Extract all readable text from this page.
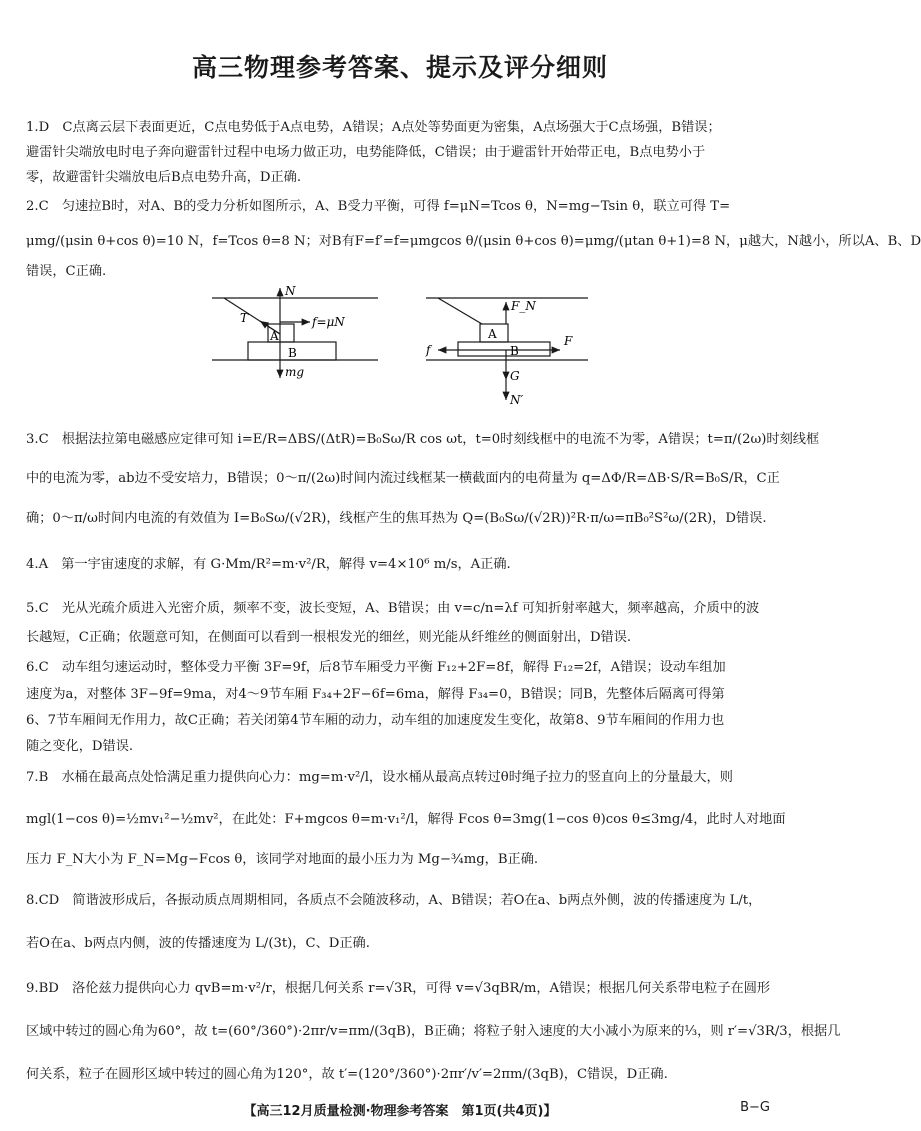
高三物理参考答案、提示及评分细则
1.D　C点离云层下表面更近，C点电势低于A点电势，A错误；A点处等势面更为密集，A点场强大于C点场强，B错误；
避雷针尖端放电时电子奔向避雷针过程中电场力做正功，电势能降低，C错误；由于避雷针开始带正电，B点电势小于
零，故避雷针尖端放电后B点电势升高，D正确.
2.C　匀速拉B时，对A、B的受力分析如图所示，A、B受力平衡，可得 f=μN=Tcos θ，N=mg−Tsin θ，联立可得 T=
μmg/(μsin θ+cos θ)=10 N，f=Tcos θ=8 N；对B有F=f′=f=μmgcos θ/(μsin θ+cos θ)=μmg/(μtan θ+1)=8 N，μ越大，N越小，所以A、B、D
错误，C正确.
3.C　根据法拉第电磁感应定律可知 i=E/R=ΔBS/(ΔtR)=B₀Sω/R cos ωt，t=0时刻线框中的电流不为零，A错误；t=π/(2ω)时刻线框
中的电流为零，ab边不受安培力，B错误；0～π/(2ω)时间内流过线框某一横截面内的电荷量为 q=ΔΦ/R=ΔB·S/R=B₀S/R，C正
确；0～π/ω时间内电流的有效值为 I=B₀Sω/(√2R)，线框产生的焦耳热为 Q=(B₀Sω/(√2R))²R·π/ω=πB₀²S²ω/(2R)，D错误.
4.A　第一宇宙速度的求解，有 G·Mm/R²=m·v²/R，解得 v=4×10⁶ m/s，A正确.
5.C　光从光疏介质进入光密介质，频率不变，波长变短，A、B错误；由 v=c/n=λf 可知折射率越大，频率越高，介质中的波
长越短，C正确；依题意可知，在侧面可以看到一根根发光的细丝，则光能从纤维丝的侧面射出，D错误.
6.C　动车组匀速运动时，整体受力平衡 3F=9f，后8节车厢受力平衡 F₁₂+2F=8f，解得 F₁₂=2f，A错误；设动车组加
速度为a，对整体 3F−9f=9ma，对4～9节车厢 F₃₄+2F−6f=6ma，解得 F₃₄=0，B错误；同B，先整体后隔离可得第
6、7节车厢间无作用力，故C正确；若关闭第4节车厢的动力，动车组的加速度发生变化，故第8、9节车厢间的作用力也
随之变化，D错误.
7.B　水桶在最高点处恰满足重力提供向心力：mg=m·v²/l，设水桶从最高点转过θ时绳子拉力的竖直向上的分量最大，则
mgl(1−cos θ)=½mv₁²−½mv²，在此处：F+mgcos θ=m·v₁²/l，解得 Fcos θ=3mg(1−cos θ)cos θ≤3mg/4，此时人对地面
压力 F_N大小为 F_N=Mg−Fcos θ，该同学对地面的最小压力为 Mg−¾mg，B正确.
8.CD　简谐波形成后，各振动质点周期相同，各质点不会随波移动，A、B错误；若O在a、b两点外侧，波的传播速度为 L/t，
若O在a、b两点内侧，波的传播速度为 L/(3t)，C、D正确.
9.BD　洛伦兹力提供向心力 qvB=m·v²/r，根据几何关系 r=√3R，可得 v=√3qBR/m，A错误；根据几何关系带电粒子在圆形
区域中转过的圆心角为60°，故 t=(60°/360°)·2πr/v=πm/(3qB)，B正确；将粒子射入速度的大小减小为原来的⅓，则 r′=√3R/3，根据几
何关系，粒子在圆形区域中转过的圆心角为120°，故 t′=(120°/360°)·2πr′/v′=2πm/(3qB)，C错误，D正确.
N
T	f=μN
A
B
mg
F_N
A
f	B
F
G
N′
【高三12月质量检测·物理参考答案　第1页(共4页)】	B−G
